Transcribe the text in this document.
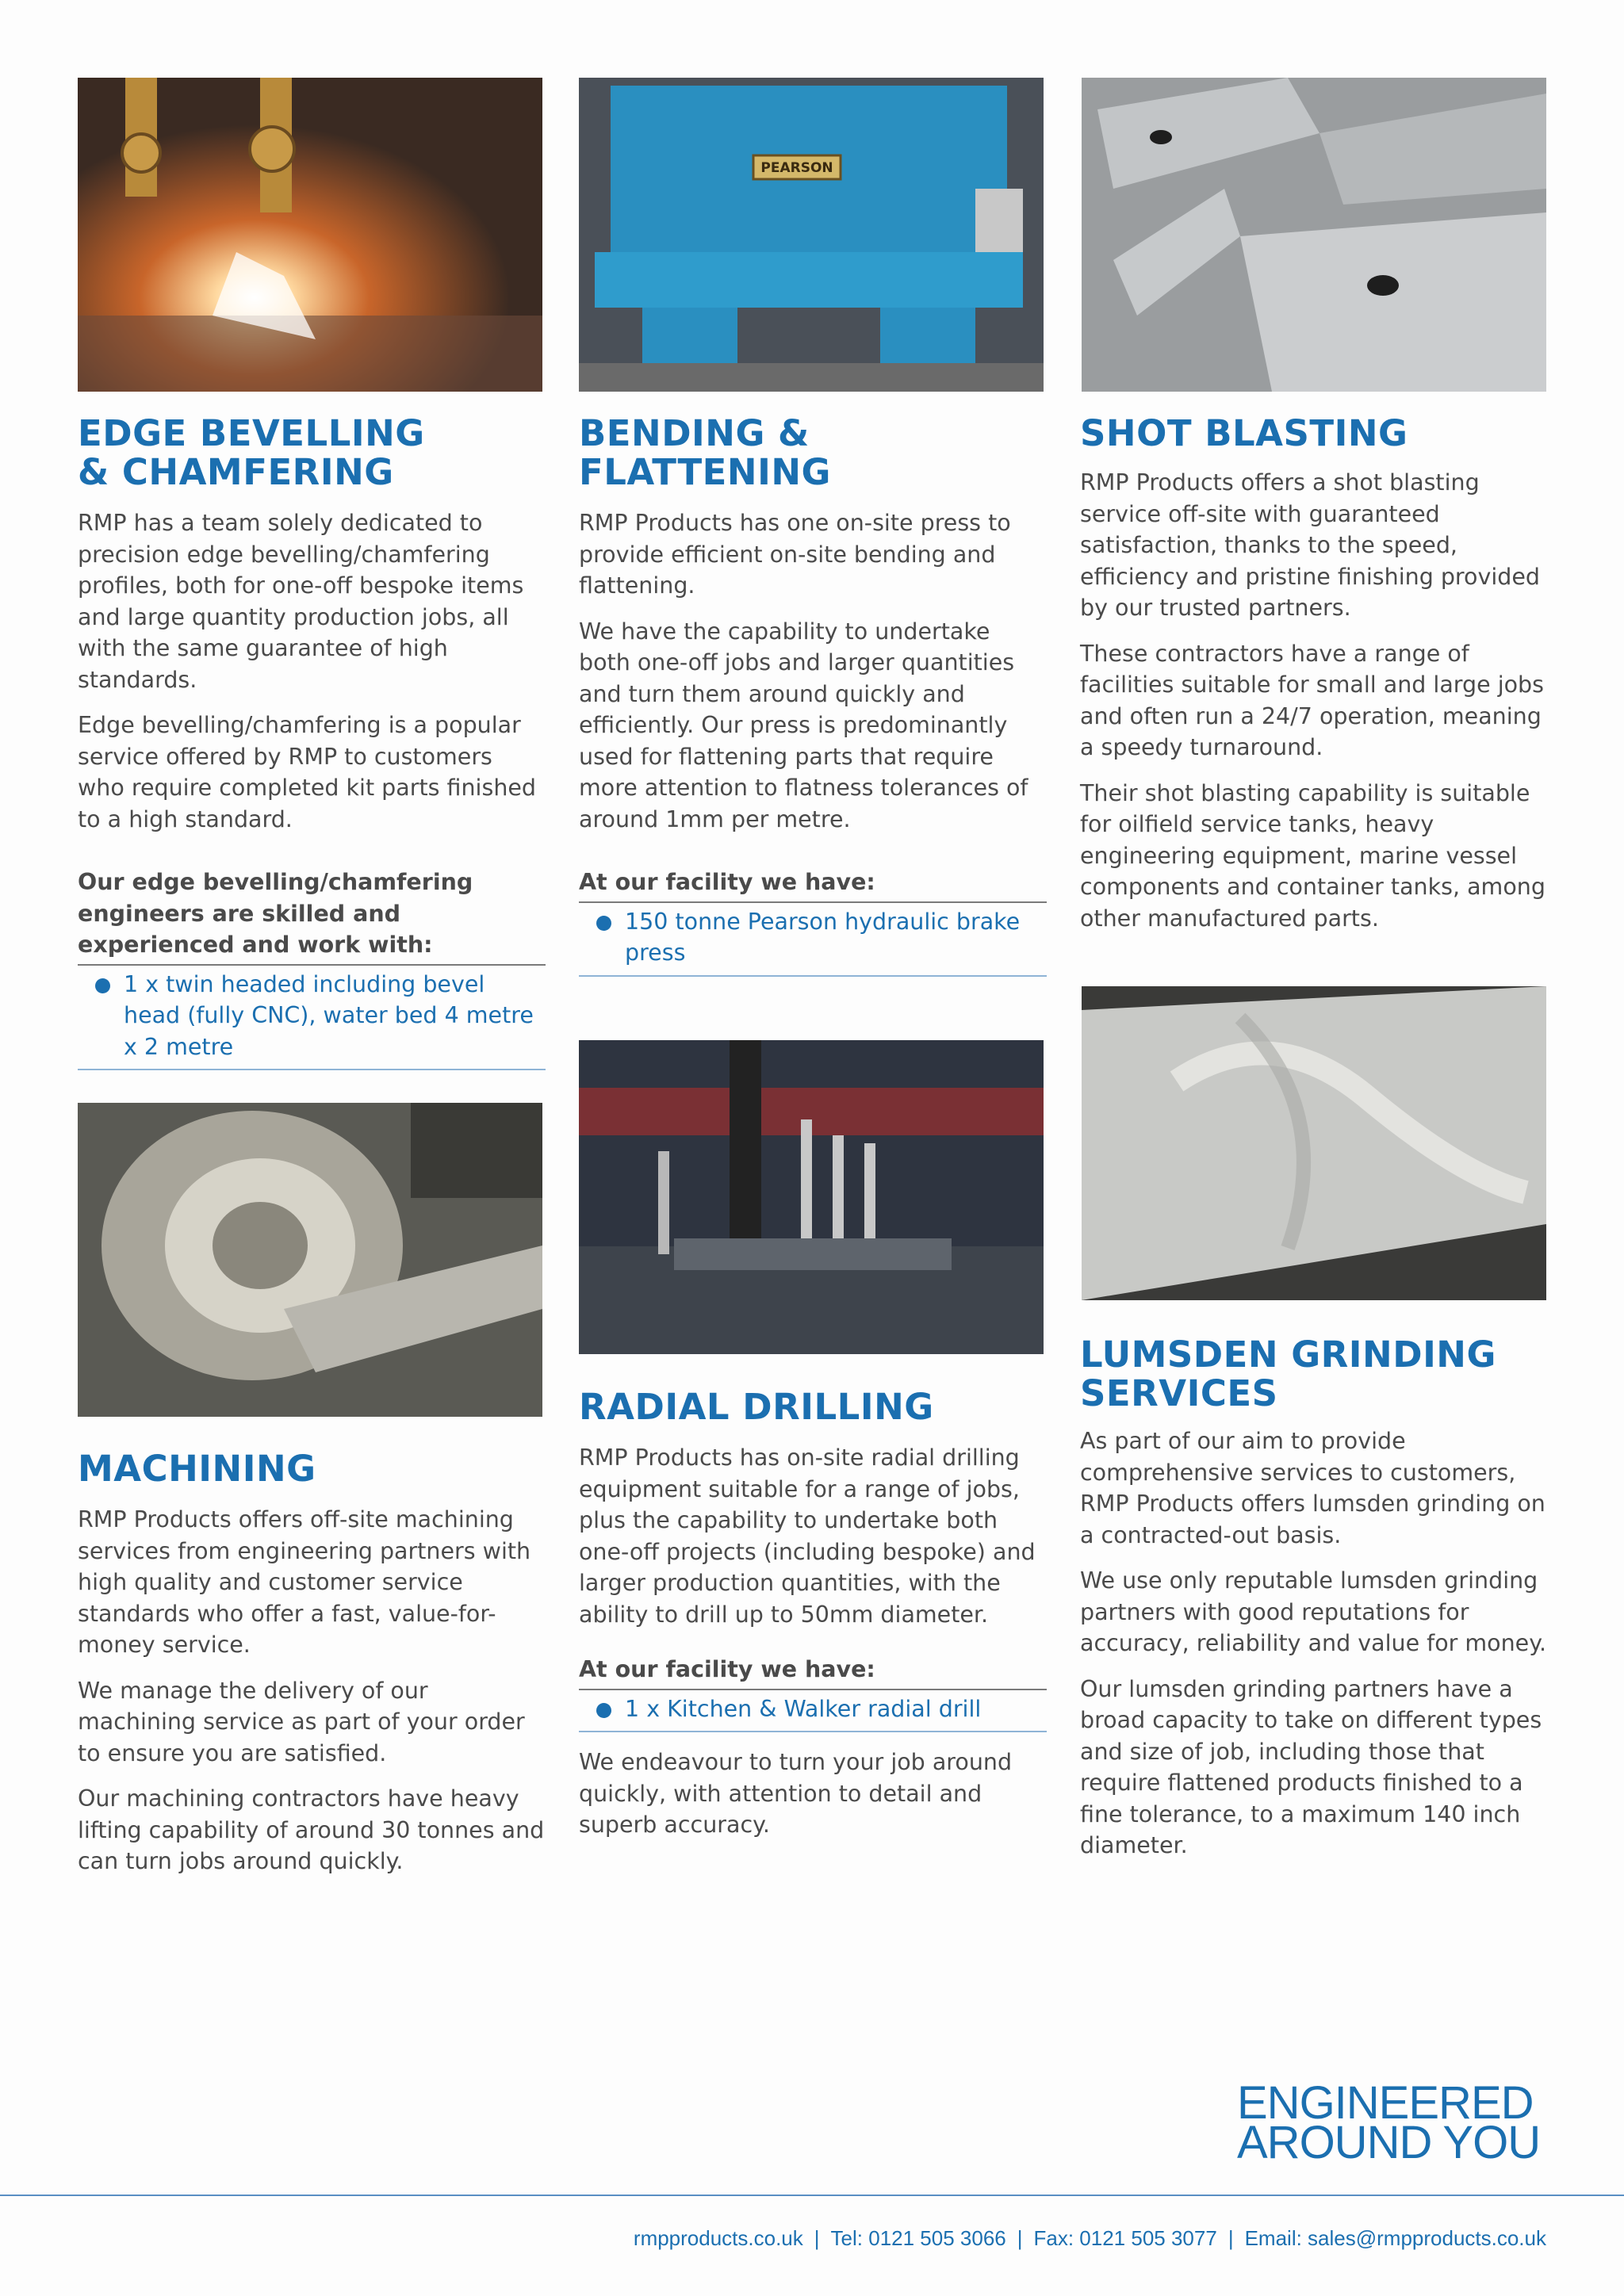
PEARSON
EDGE BEVELLING
& CHAMFERING

RMP has a team solely dedicated to precision edge bevelling/chamfering profiles, both for one-off bespoke items and large quantity production jobs, all with the same guarantee of high standards.

Edge bevelling/chamfering is a popular service offered by RMP to customers who require completed kit parts finished to a high standard.

Our edge bevelling/chamfering engineers are skilled and experienced and work with:
1 x twin headed including bevel head (fully CNC), water bed 4 metre x 2 metre
BENDING &
FLATTENING

RMP Products has one on-site press to provide efficient on-site bending and flattening.

We have the capability to undertake both one-off jobs and larger quantities and turn them around quickly and efficiently. Our press is predominantly used for flattening parts that require more attention to flatness tolerances of around 1mm per metre.

At our facility we have:
150 tonne Pearson hydraulic brake press
SHOT BLASTING

RMP Products offers a shot blasting service off-site with guaranteed satisfaction, thanks to the speed, efficiency and pristine finishing provided by our trusted partners.

These contractors have a range of facilities suitable for small and large jobs and often run a 24/7 operation, meaning a speedy turnaround.

Their shot blasting capability is suitable for oilfield service tanks, heavy engineering equipment, marine vessel components and container tanks, among other manufactured parts.

MACHINING

RMP Products offers off-site machining services from engineering partners with high quality and customer service standards who offer a fast, value-for-money service.

We manage the delivery of our machining service as part of your order to ensure you are satisfied.

Our machining contractors have heavy lifting capability of around 30 tonnes and can turn jobs around quickly.

RADIAL DRILLING

RMP Products has on-site radial drilling equipment suitable for a range of jobs, plus the capability to undertake both one-off projects (including bespoke) and larger production quantities, with the ability to drill up to 50mm diameter.

At our facility we have:
1 x Kitchen & Walker radial drill

We endeavour to turn your job around quickly, with attention to detail and superb accuracy.

LUMSDEN GRINDING
SERVICES

As part of our aim to provide comprehensive services to customers, RMP Products offers lumsden grinding on a contracted-out basis.

We use only reputable lumsden grinding partners with good reputations for accuracy, reliability and value for money.

Our lumsden grinding partners have a broad capacity to take on different types and size of job, including those that require flattened products finished to a fine tolerance, to a maximum 140 inch diameter.

ENGINEERED
AROUND YOU
rmpproducts.co.uk | Tel: 0121 505 3066 | Fax: 0121 505 3077 | Email: sales@rmpproducts.co.uk
